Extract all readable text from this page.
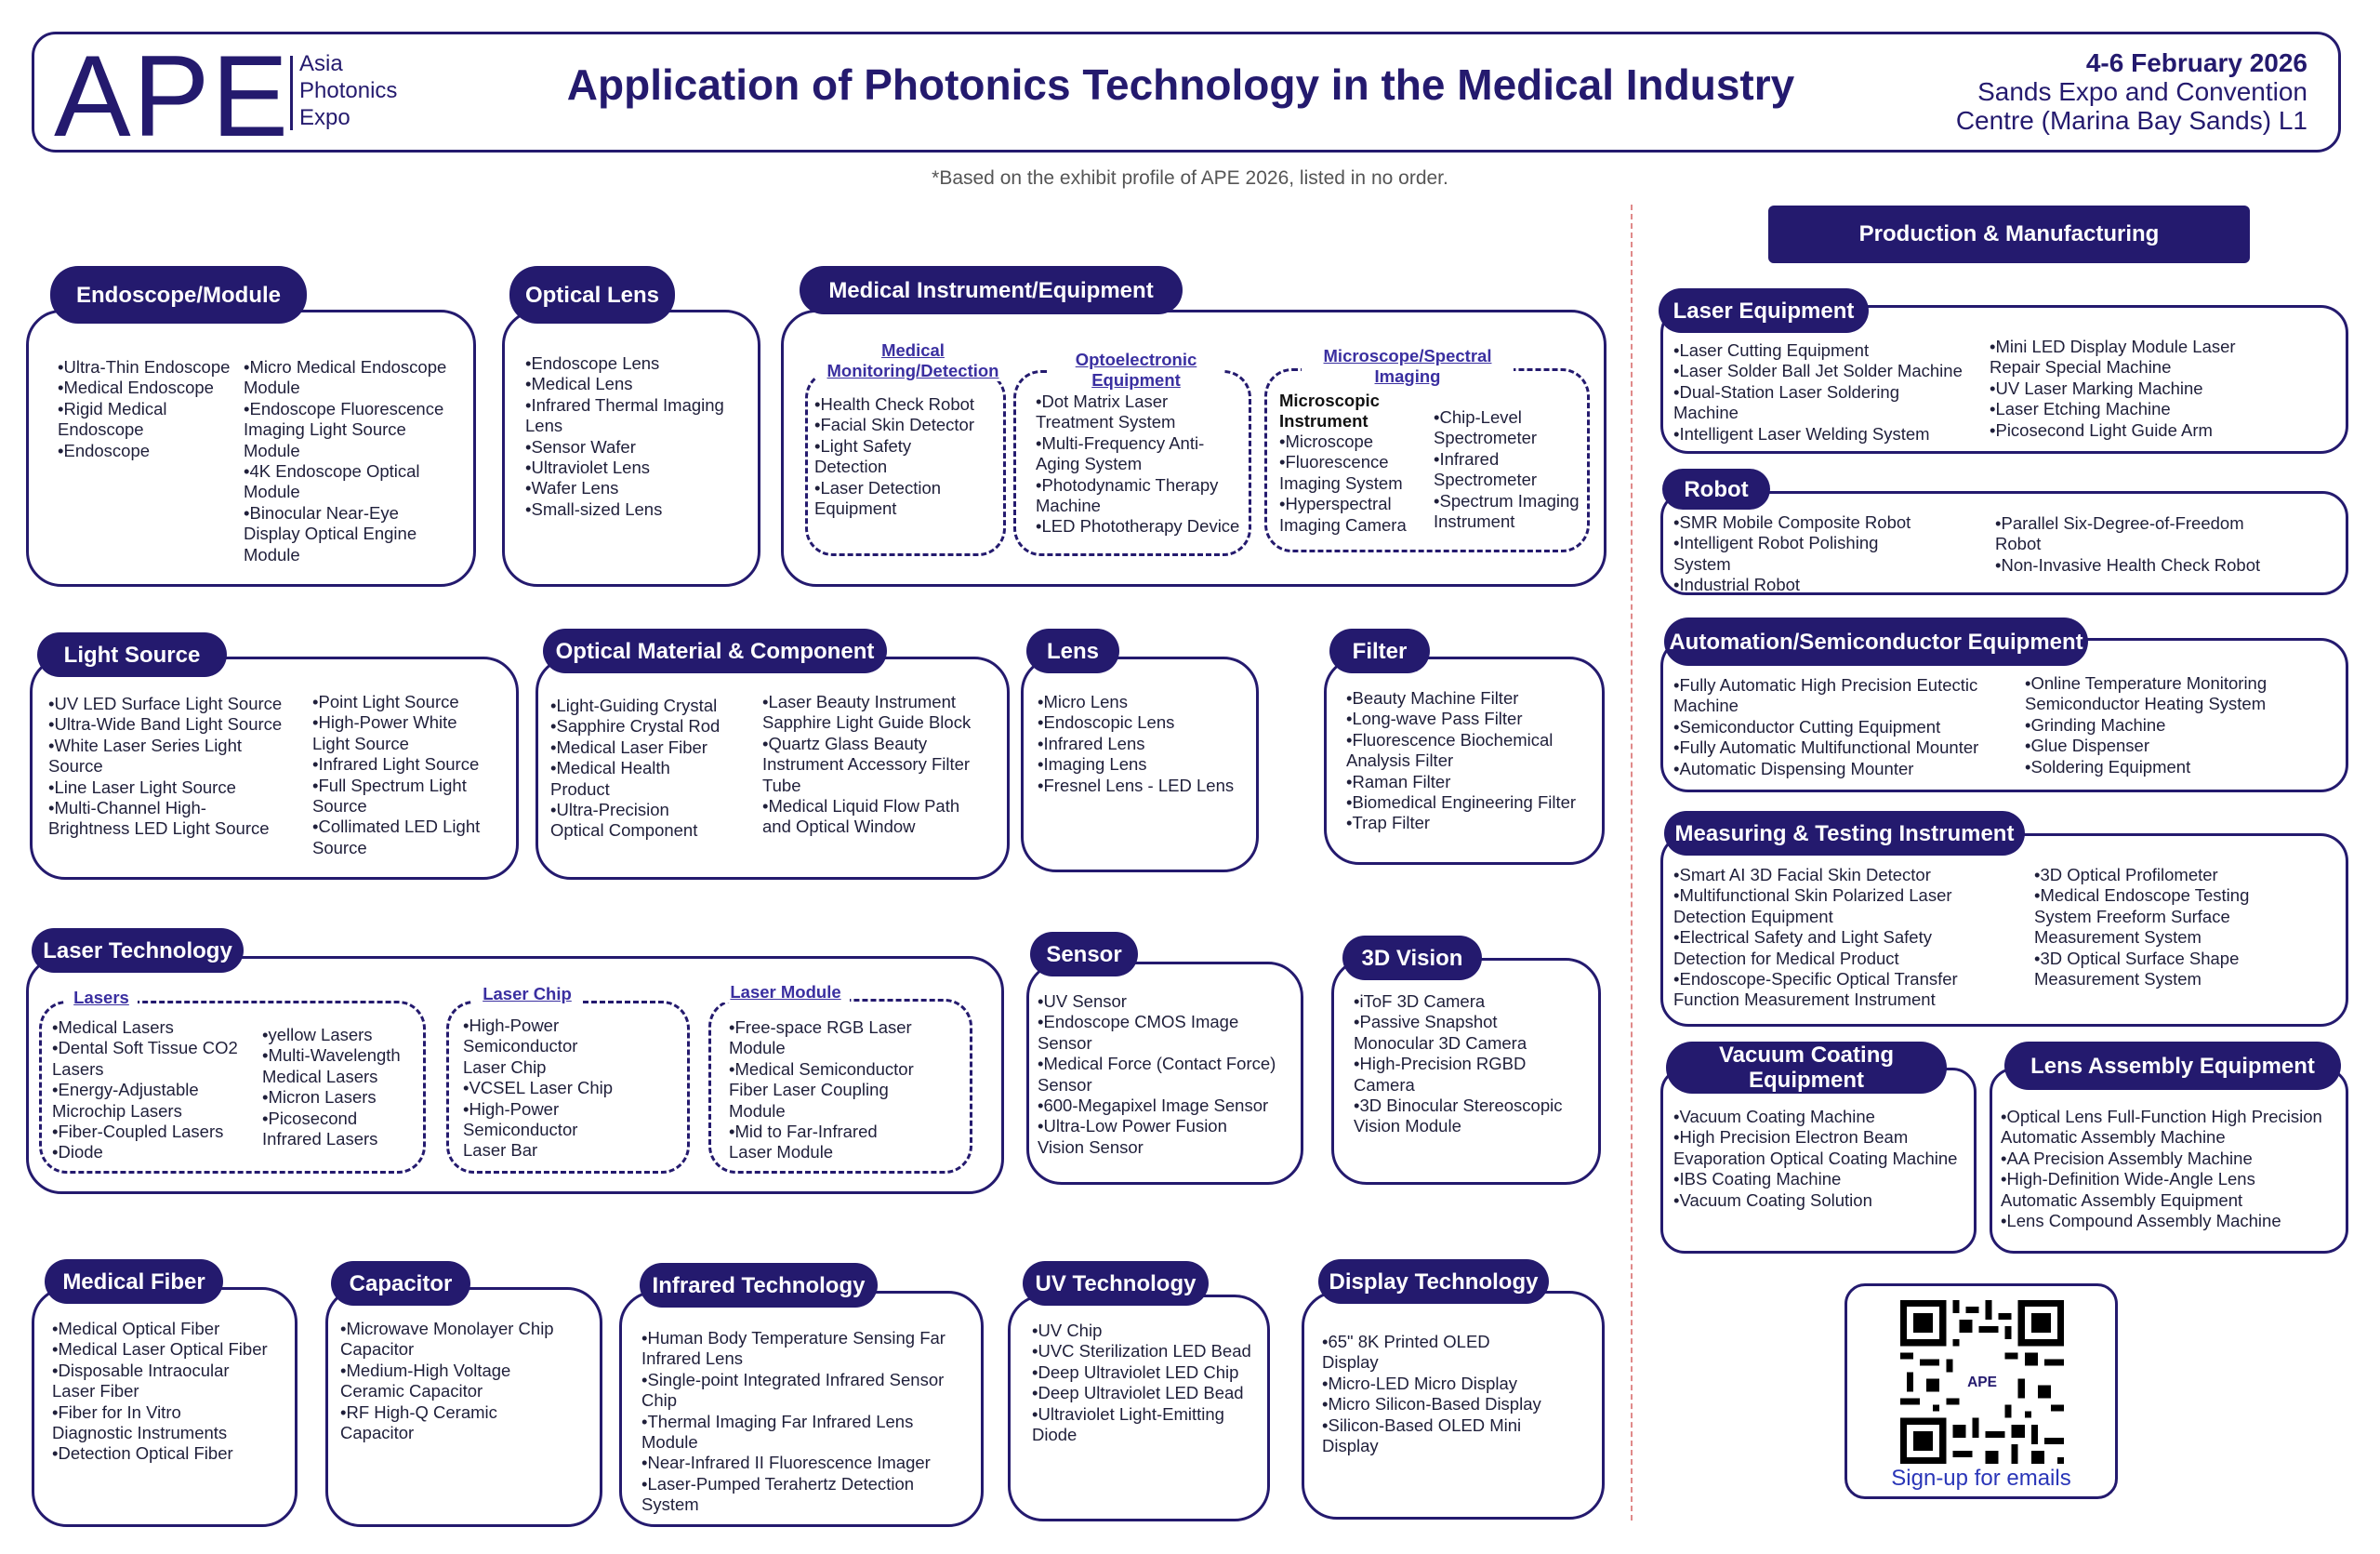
APE Asia
Photonics
Expo
Application of Photonics Technology in the Medical Industry	4-6 February 2026
Sands Expo and Convention
Centre (Marina Bay Sands) L1
*Based on the exhibit profile of APE 2026, listed in no order.
Endoscope/Module
•Ultra-Thin Endoscope
•Medical Endoscope
•Rigid Medical
Endoscope
•Endoscope
•Micro Medical Endoscope
Module
•Endoscope Fluorescence
Imaging Light Source
Module
•4K Endoscope Optical
Module
•Binocular Near-Eye
Display Optical Engine
Module
Optical Lens
•Endoscope Lens
•Medical Lens
•Infrared Thermal Imaging
Lens
•Sensor Wafer
•Ultraviolet Lens
•Wafer Lens
•Small-sized Lens
Medical Instrument/Equipment
Medical
Monitoring/Detection
•Health Check Robot
•Facial Skin Detector
•Light Safety
Detection
•Laser Detection
Equipment
Optoelectronic
Equipment
•Dot Matrix Laser
Treatment System
•Multi-Frequency Anti-
Aging System
•Photodynamic Therapy
Machine
•LED Phototherapy Device
Microscope/Spectral
Imaging
Microscopic
Instrument
•Microscope
•Fluorescence
Imaging System
•Hyperspectral
Imaging Camera
•Chip-Level
Spectrometer
•Infrared
Spectrometer
•Spectrum Imaging
Instrument
Light Source
•UV LED Surface Light Source
•Ultra-Wide Band Light Source
•White Laser Series Light
Source
•Line Laser Light Source
•Multi-Channel High-
Brightness LED Light Source
•Point Light Source
•High-Power White
Light Source
•Infrared Light Source
•Full Spectrum Light
Source
•Collimated LED Light
Source
Optical Material & Component
•Light-Guiding Crystal
•Sapphire Crystal Rod
•Medical Laser Fiber
•Medical Health
Product
•Ultra-Precision
Optical Component
•Laser Beauty Instrument
Sapphire Light Guide Block
•Quartz Glass Beauty
Instrument Accessory Filter
Tube
•Medical Liquid Flow Path
and Optical Window
Lens
•Micro Lens
•Endoscopic Lens
•Infrared Lens
•Imaging Lens
•Fresnel Lens - LED Lens
Filter
•Beauty Machine Filter
•Long-wave Pass Filter
•Fluorescence Biochemical
Analysis Filter
•Raman Filter
•Biomedical Engineering Filter
•Trap Filter
Laser Technology
Lasers
•Medical Lasers
•Dental Soft Tissue CO2
Lasers
•Energy-Adjustable
Microchip Lasers
•Fiber-Coupled Lasers
•Diode
•yellow Lasers
•Multi-Wavelength
Medical Lasers
•Micron Lasers
•Picosecond
Infrared Lasers
Laser Chip
•High-Power
Semiconductor
Laser Chip
•VCSEL Laser Chip
•High-Power
Semiconductor
Laser Bar
Laser Module
•Free-space RGB Laser
Module
•Medical Semiconductor
Fiber Laser Coupling
Module
•Mid to Far-Infrared
Laser Module
Sensor
•UV Sensor
•Endoscope CMOS Image
Sensor
•Medical Force (Contact Force)
Sensor
•600-Megapixel Image Sensor
•Ultra-Low Power Fusion
Vision Sensor
3D Vision
•iToF 3D Camera
•Passive Snapshot
Monocular 3D Camera
•High-Precision RGBD
Camera
•3D Binocular Stereoscopic
Vision Module
Medical Fiber
•Medical Optical Fiber
•Medical Laser Optical Fiber
•Disposable Intraocular
Laser Fiber
•Fiber for In Vitro
Diagnostic Instruments
•Detection Optical Fiber
Capacitor
•Microwave Monolayer Chip
Capacitor
•Medium-High Voltage
Ceramic Capacitor
•RF High-Q Ceramic
Capacitor
Infrared Technology
•Human Body Temperature Sensing Far
Infrared Lens
•Single-point Integrated Infrared Sensor
Chip
•Thermal Imaging Far Infrared Lens
Module
•Near-Infrared II Fluorescence Imager
•Laser-Pumped Terahertz Detection
System
UV Technology
•UV Chip
•UVC Sterilization LED Bead
•Deep Ultraviolet LED Chip
•Deep Ultraviolet LED Bead
•Ultraviolet Light-Emitting
Diode
Display Technology
•65" 8K Printed OLED
Display
•Micro-LED Micro Display
•Micro Silicon-Based Display
•Silicon-Based OLED Mini
Display
Production & Manufacturing
Laser Equipment
•Laser Cutting Equipment
•Laser Solder Ball Jet Solder Machine
•Dual-Station Laser Soldering
Machine
•Intelligent Laser Welding System
•Mini LED Display Module Laser
Repair Special Machine
•UV Laser Marking Machine
•Laser Etching Machine
•Picosecond Light Guide Arm
Robot
•SMR Mobile Composite Robot
•Intelligent Robot Polishing
System
•Industrial Robot
•Parallel Six-Degree-of-Freedom
Robot
•Non-Invasive Health Check Robot
Automation/Semiconductor Equipment
•Fully Automatic High Precision Eutectic
Machine
•Semiconductor Cutting Equipment
•Fully Automatic Multifunctional Mounter
•Automatic Dispensing Mounter
•Online Temperature Monitoring
Semiconductor Heating System
•Grinding Machine
•Glue Dispenser
•Soldering Equipment
Measuring & Testing Instrument
•Smart AI 3D Facial Skin Detector
•Multifunctional Skin Polarized Laser
Detection Equipment
•Electrical Safety and Light Safety
Detection for Medical Product
•Endoscope-Specific Optical Transfer
Function Measurement Instrument
•3D Optical Profilometer
•Medical Endoscope Testing
System Freeform Surface
Measurement System
•3D Optical Surface Shape
Measurement System
Vacuum Coating
Equipment
•Vacuum Coating Machine
•High Precision Electron Beam
Evaporation Optical Coating Machine
•IBS Coating Machine
•Vacuum Coating Solution
Lens Assembly Equipment
•Optical Lens Full-Function High Precision
Automatic Assembly Machine
•AA Precision Assembly Machine
•High-Definition Wide-Angle Lens
Automatic Assembly Equipment
•Lens Compound Assembly Machine
APE
Sign-up for emails
